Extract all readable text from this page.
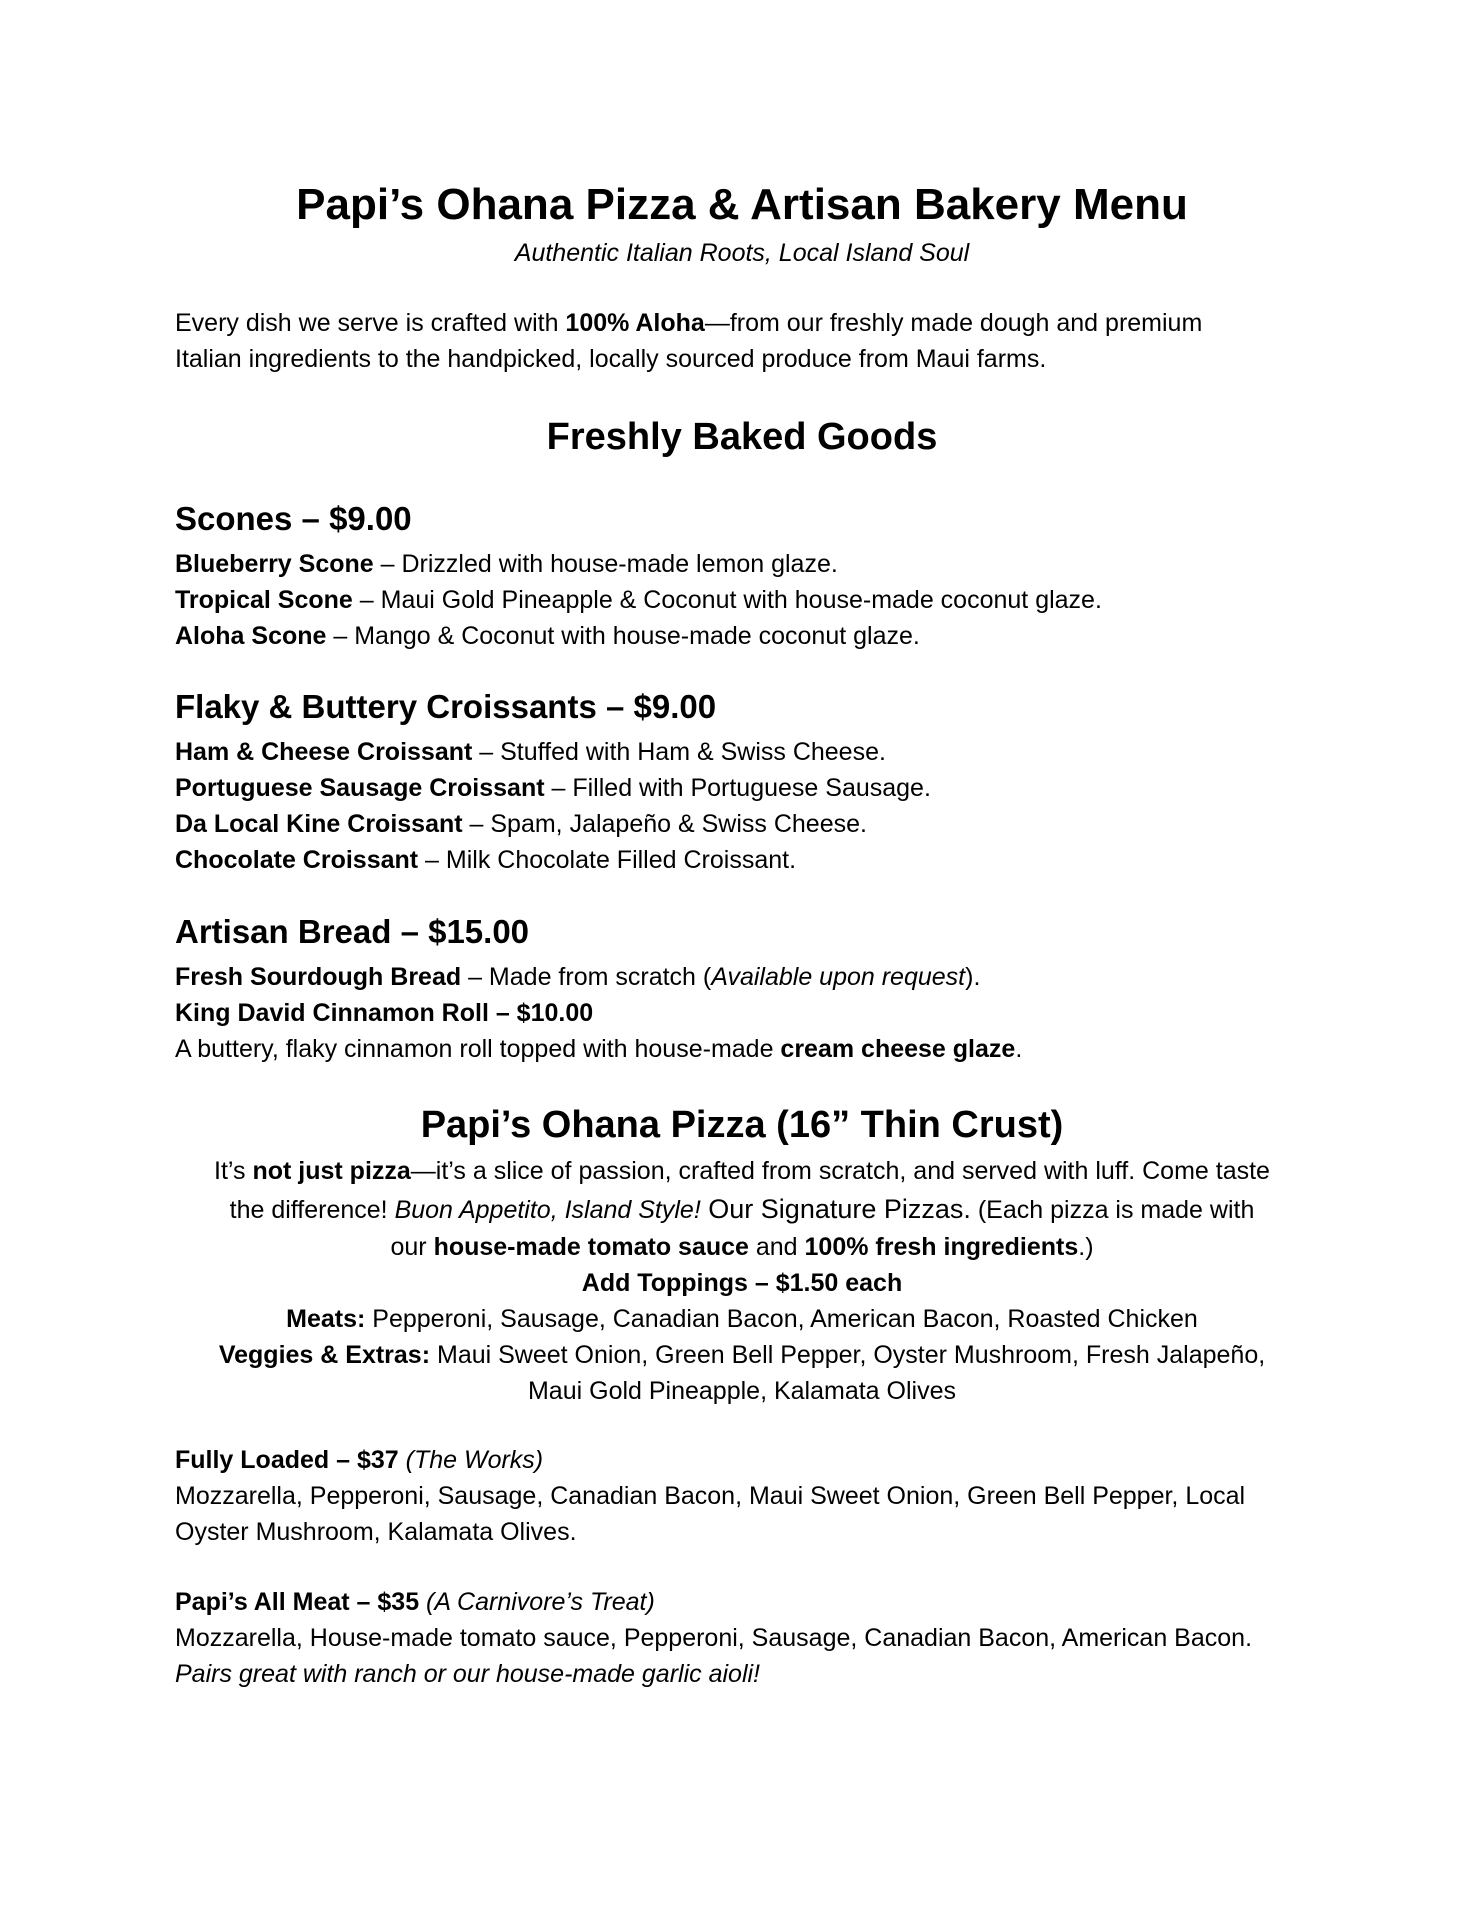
Papi’s Ohana Pizza & Artisan Bakery Menu
Authentic Italian Roots, Local Island Soul
Every dish we serve is crafted with 100% Aloha—from our freshly made dough and premium
Italian ingredients to the handpicked, locally sourced produce from Maui farms.
Freshly Baked Goods
Scones – $9.00
Blueberry Scone – Drizzled with house-made lemon glaze.
Tropical Scone – Maui Gold Pineapple & Coconut with house-made coconut glaze.
Aloha Scone – Mango & Coconut with house-made coconut glaze.
Flaky & Buttery Croissants – $9.00
Ham & Cheese Croissant – Stuffed with Ham & Swiss Cheese.
Portuguese Sausage Croissant – Filled with Portuguese Sausage.
Da Local Kine Croissant – Spam, Jalapeño & Swiss Cheese.
Chocolate Croissant – Milk Chocolate Filled Croissant.
Artisan Bread – $15.00
Fresh Sourdough Bread – Made from scratch (Available upon request).
King David Cinnamon Roll – $10.00
A buttery, flaky cinnamon roll topped with house-made cream cheese glaze.
Papi’s Ohana Pizza (16” Thin Crust)
It’s not just pizza—it’s a slice of passion, crafted from scratch, and served with luff. Come taste
the difference! Buon Appetito, Island Style! Our Signature Pizzas. (Each pizza is made with
our house-made tomato sauce and 100% fresh ingredients.)
Add Toppings – $1.50 each
Meats: Pepperoni, Sausage, Canadian Bacon, American Bacon, Roasted Chicken
Veggies & Extras: Maui Sweet Onion, Green Bell Pepper, Oyster Mushroom, Fresh Jalapeño,
Maui Gold Pineapple, Kalamata Olives
Fully Loaded – $37 (The Works)
Mozzarella, Pepperoni, Sausage, Canadian Bacon, Maui Sweet Onion, Green Bell Pepper, Local
Oyster Mushroom, Kalamata Olives.
Papi’s All Meat – $35 (A Carnivore’s Treat)
Mozzarella, House-made tomato sauce, Pepperoni, Sausage, Canadian Bacon, American Bacon.
Pairs great with ranch or our house-made garlic aioli!
